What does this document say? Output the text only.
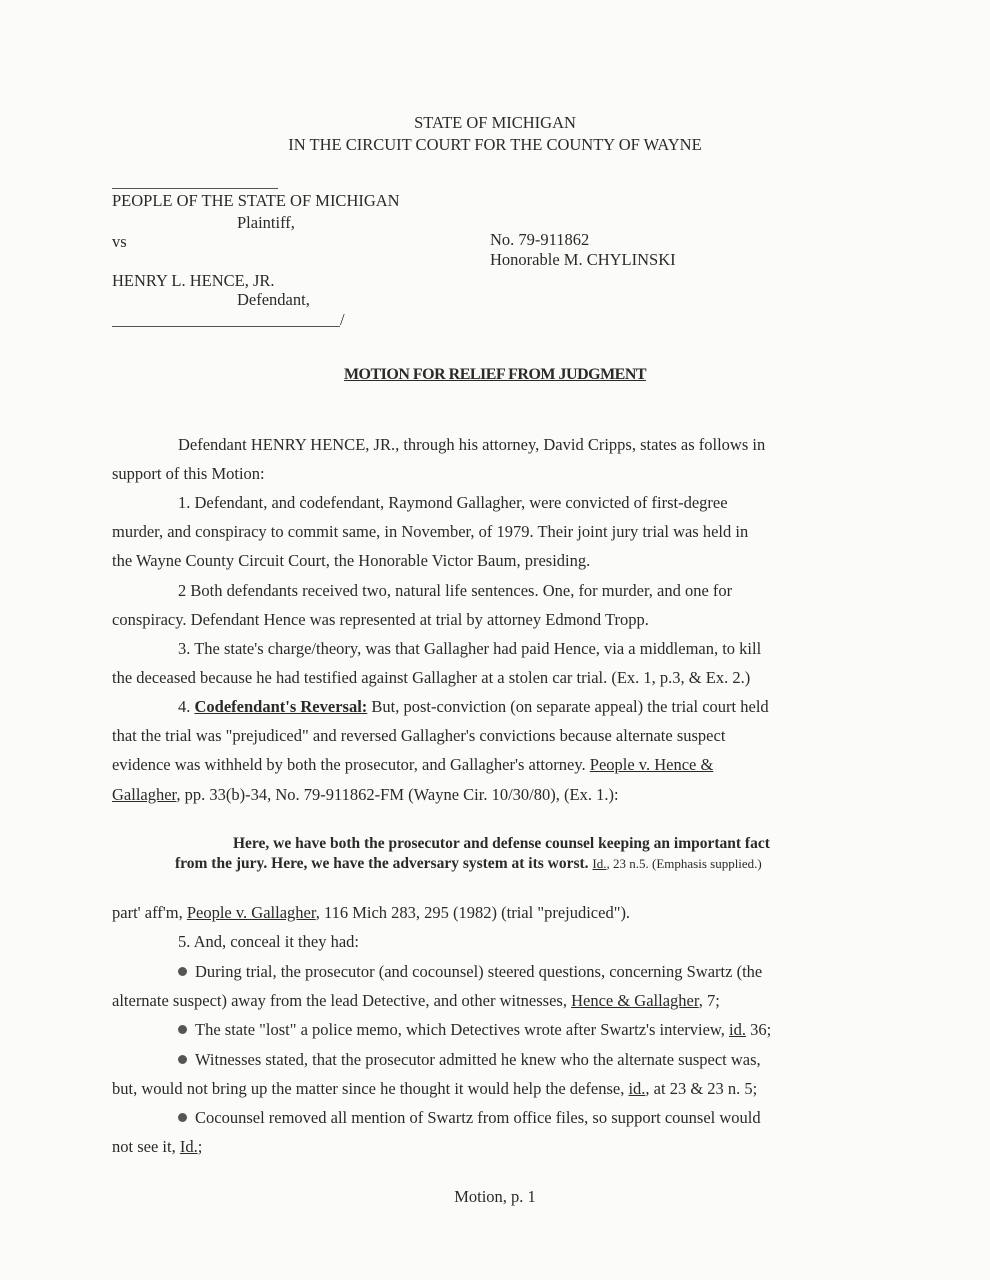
STATE OF MICHIGAN
IN THE CIRCUIT COURT FOR THE COUNTY OF WAYNE
PEOPLE OF THE STATE OF MICHIGAN
Plaintiff,
vs	No. 79-911862
Honorable M. CHYLINSKI
HENRY L. HENCE, JR.
Defendant,
/
MOTION FOR RELIEF FROM JUDGMENT
Defendant HENRY HENCE, JR., through his attorney, David Cripps, states as follows in
support of this Motion:
1. Defendant, and codefendant, Raymond Gallagher, were convicted of first-degree
murder, and conspiracy to commit same, in November, of 1979. Their joint jury trial was held in
the Wayne County Circuit Court, the Honorable Victor Baum, presiding.
2 Both defendants received two, natural life sentences. One, for murder, and one for
conspiracy. Defendant Hence was represented at trial by attorney Edmond Tropp.
3. The state's charge/theory, was that Gallagher had paid Hence, via a middleman, to kill
the deceased because he had testified against Gallagher at a stolen car trial. (Ex. 1, p.3, & Ex. 2.)
4. Codefendant's Reversal: But, post-conviction (on separate appeal) the trial court held
that the trial was "prejudiced" and reversed Gallagher's convictions because alternate suspect
evidence was withheld by both the prosecutor, and Gallagher's attorney. People v. Hence &
Gallagher, pp. 33(b)-34, No. 79-911862-FM (Wayne Cir. 10/30/80), (Ex. 1.):
Here, we have both the prosecutor and defense counsel keeping an important fact
from the jury. Here, we have the adversary system at its worst. Id., 23 n.5. (Emphasis supplied.)
part' aff'm, People v. Gallagher, 116 Mich 283, 295 (1982) (trial "prejudiced").
5. And, conceal it they had:
During trial, the prosecutor (and cocounsel) steered questions, concerning Swartz (the
alternate suspect) away from the lead Detective, and other witnesses, Hence & Gallagher, 7;
The state "lost" a police memo, which Detectives wrote after Swartz's interview, id. 36;
Witnesses stated, that the prosecutor admitted he knew who the alternate suspect was,
but, would not bring up the matter since he thought it would help the defense, id., at 23 & 23 n. 5;
Cocounsel removed all mention of Swartz from office files, so support counsel would
not see it, Id.;
Motion, p. 1
